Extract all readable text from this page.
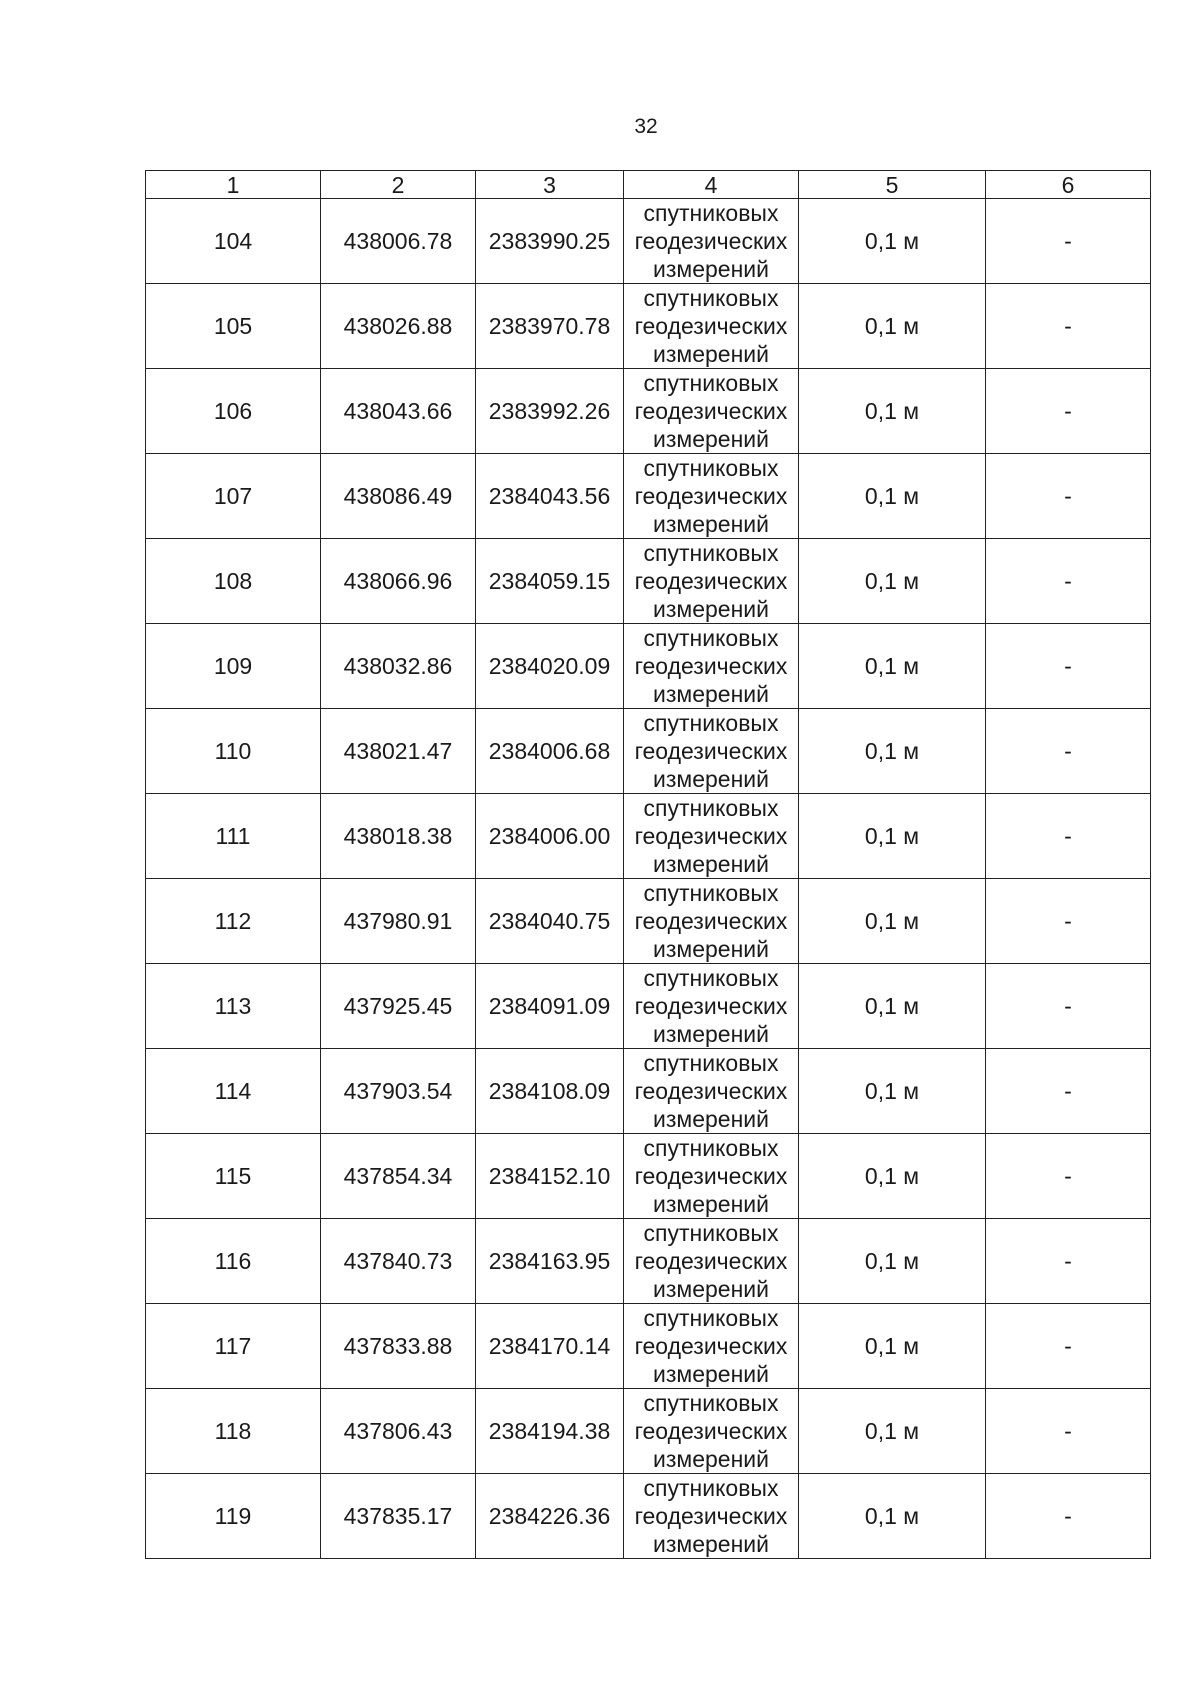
32
1	2	3	4	5	6
104	438006.78	2383990.25	спутниковых
геодезических
измерений	0,1 м	-
105	438026.88	2383970.78	спутниковых
геодезических
измерений	0,1 м	-
106	438043.66	2383992.26	спутниковых
геодезических
измерений	0,1 м	-
107	438086.49	2384043.56	спутниковых
геодезических
измерений	0,1 м	-
108	438066.96	2384059.15	спутниковых
геодезических
измерений	0,1 м	-
109	438032.86	2384020.09	спутниковых
геодезических
измерений	0,1 м	-
110	438021.47	2384006.68	спутниковых
геодезических
измерений	0,1 м	-
111	438018.38	2384006.00	спутниковых
геодезических
измерений	0,1 м	-
112	437980.91	2384040.75	спутниковых
геодезических
измерений	0,1 м	-
113	437925.45	2384091.09	спутниковых
геодезических
измерений	0,1 м	-
114	437903.54	2384108.09	спутниковых
геодезических
измерений	0,1 м	-
115	437854.34	2384152.10	спутниковых
геодезических
измерений	0,1 м	-
116	437840.73	2384163.95	спутниковых
геодезических
измерений	0,1 м	-
117	437833.88	2384170.14	спутниковых
геодезических
измерений	0,1 м	-
118	437806.43	2384194.38	спутниковых
геодезических
измерений	0,1 м	-
119	437835.17	2384226.36	спутниковых
геодезических
измерений	0,1 м	-
